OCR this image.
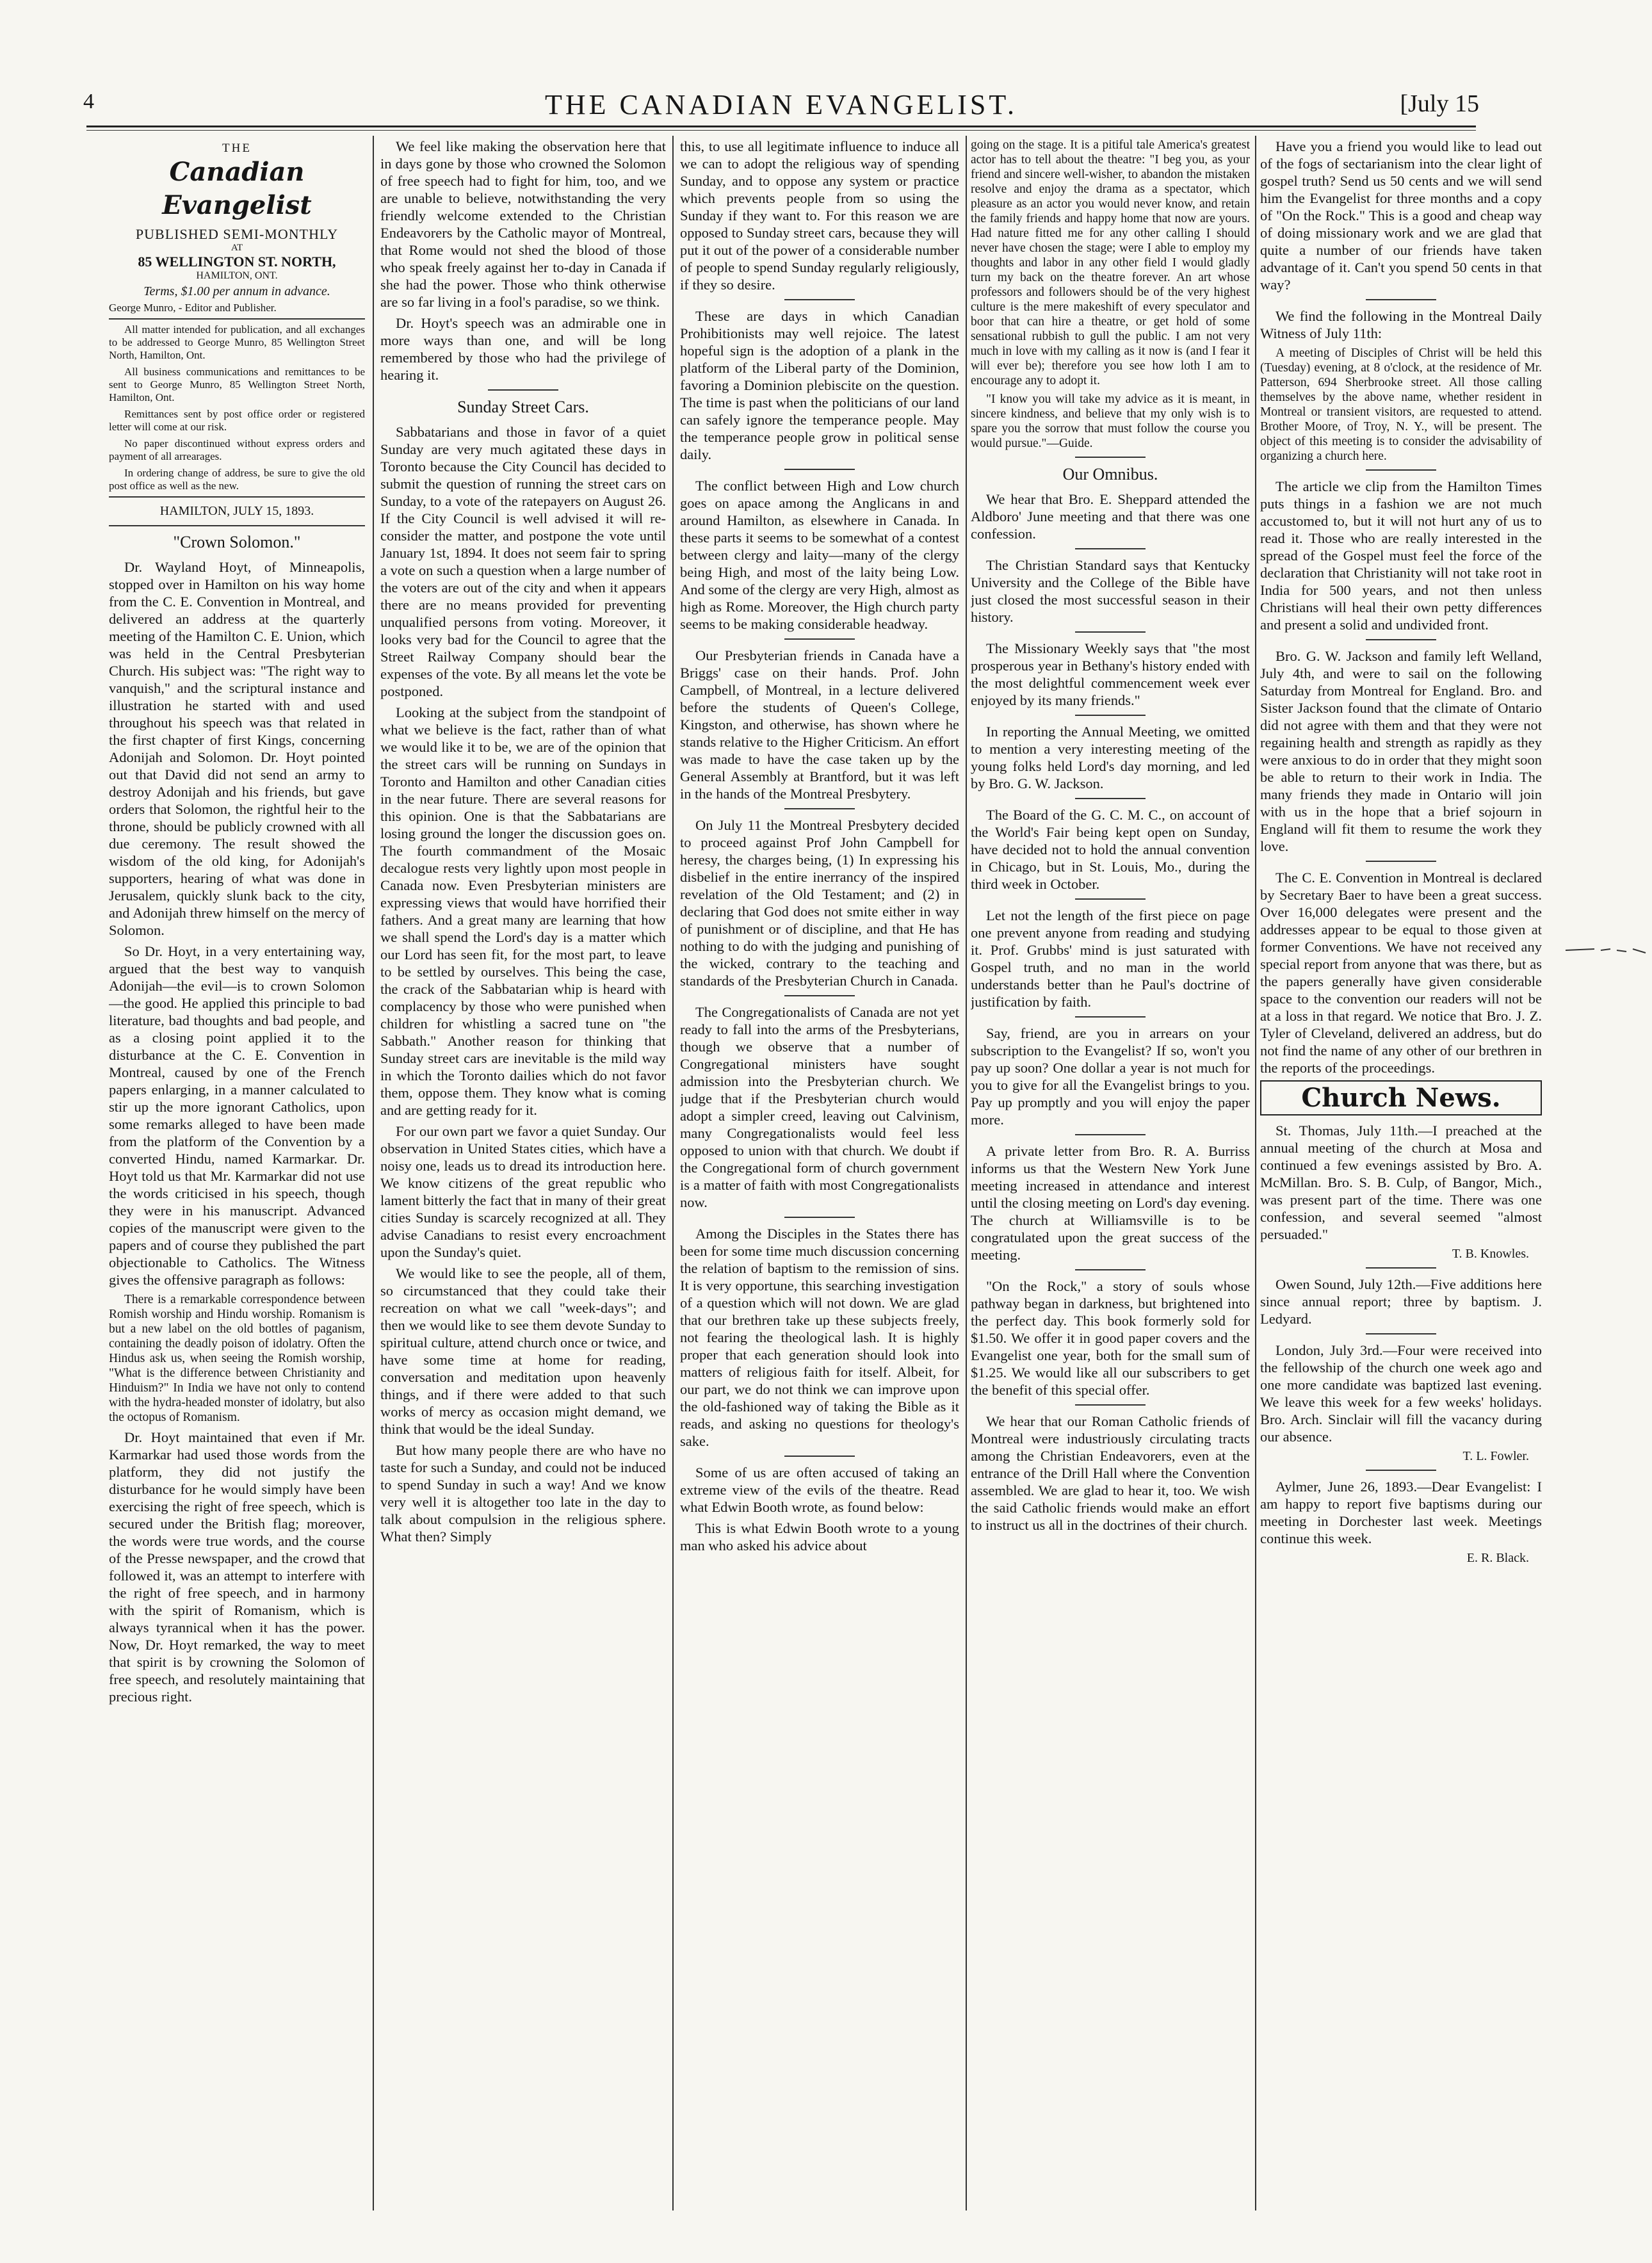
4	THE CANADIAN EVANGELIST.	[July 15
THE
Canadian Evangelist
PUBLISHED SEMI-MONTHLY
AT
85 WELLINGTON ST. NORTH,
HAMILTON, ONT.
Terms, $1.00 per annum in advance.
George Munro, - Editor and Publisher.

All matter intended for publication, and all exchanges to be addressed to George Munro, 85 Wellington Street North, Hamilton, Ont.

All business communications and remittances to be sent to George Munro, 85 Wellington Street North, Hamilton, Ont.

Remittances sent by post office order or registered letter will come at our risk.

No paper discontinued without express orders and payment of all arrearages.

In ordering change of address, be sure to give the old post office as well as the new.

HAMILTON, JULY 15, 1893.
"Crown Solomon."

Dr. Wayland Hoyt, of Minneapolis, stopped over in Hamilton on his way home from the C. E. Convention in Montreal, and delivered an address at the quarterly meeting of the Hamilton C. E. Union, which was held in the Central Presbyterian Church. His subject was: "The right way to vanquish," and the scriptural instance and illustration he started with and used throughout his speech was that related in the first chapter of first Kings, concerning Adonijah and Solomon. Dr. Hoyt pointed out that David did not send an army to destroy Adonijah and his friends, but gave orders that Solomon, the rightful heir to the throne, should be publicly crowned with all due ceremony. The result showed the wisdom of the old king, for Adonijah's supporters, hearing of what was done in Jerusalem, quickly slunk back to the city, and Adonijah threw himself on the mercy of Solomon.

So Dr. Hoyt, in a very entertaining way, argued that the best way to vanquish Adonijah—the evil—is to crown Solomon—the good. He applied this principle to bad literature, bad thoughts and bad people, and as a closing point applied it to the disturbance at the C. E. Convention in Montreal, caused by one of the French papers enlarging, in a manner calculated to stir up the more ignorant Catholics, upon some remarks alleged to have been made from the platform of the Convention by a converted Hindu, named Karmarkar. Dr. Hoyt told us that Mr. Karmarkar did not use the words criticised in his speech, though they were in his manuscript. Advanced copies of the manuscript were given to the papers and of course they published the part objectionable to Catholics. The Witness gives the offensive paragraph as follows:

There is a remarkable correspondence between Romish worship and Hindu worship. Romanism is but a new label on the old bottles of paganism, containing the deadly poison of idolatry. Often the Hindus ask us, when seeing the Romish worship, "What is the difference between Christianity and Hinduism?" In India we have not only to contend with the hydra-headed monster of idolatry, but also the octopus of Romanism.

Dr. Hoyt maintained that even if Mr. Karmarkar had used those words from the platform, they did not justify the disturbance for he would simply have been exercising the right of free speech, which is secured under the British flag; moreover, the words were true words, and the course of the Presse newspaper, and the crowd that followed it, was an attempt to interfere with the right of free speech, and in harmony with the spirit of Romanism, which is always tyrannical when it has the power. Now, Dr. Hoyt remarked, the way to meet that spirit is by crowning the Solomon of free speech, and resolutely maintaining that precious right.

We feel like making the observation here that in days gone by those who crowned the Solomon of free speech had to fight for him, too, and we are unable to believe, notwithstanding the very friendly welcome extended to the Christian Endeavorers by the Catholic mayor of Montreal, that Rome would not shed the blood of those who speak freely against her to-day in Canada if she had the power. Those who think otherwise are so far living in a fool's paradise, so we think.

Dr. Hoyt's speech was an admirable one in more ways than one, and will be long remembered by those who had the privilege of hearing it.

Sunday Street Cars.

Sabbatarians and those in favor of a quiet Sunday are very much agitated these days in Toronto because the City Council has decided to submit the question of running the street cars on Sunday, to a vote of the ratepayers on August 26. If the City Council is well advised it will re-consider the matter, and postpone the vote until January 1st, 1894. It does not seem fair to spring a vote on such a question when a large number of the voters are out of the city and when it appears there are no means provided for preventing unqualified persons from voting. Moreover, it looks very bad for the Council to agree that the Street Railway Company should bear the expenses of the vote. By all means let the vote be postponed.

Looking at the subject from the standpoint of what we believe is the fact, rather than of what we would like it to be, we are of the opinion that the street cars will be running on Sundays in Toronto and Hamilton and other Canadian cities in the near future. There are several reasons for this opinion. One is that the Sabbatarians are losing ground the longer the discussion goes on. The fourth commandment of the Mosaic decalogue rests very lightly upon most people in Canada now. Even Presbyterian ministers are expressing views that would have horrified their fathers. And a great many are learning that how we shall spend the Lord's day is a matter which our Lord has seen fit, for the most part, to leave to be settled by ourselves. This being the case, the crack of the Sabbatarian whip is heard with complacency by those who were punished when children for whistling a sacred tune on "the Sabbath." Another reason for thinking that Sunday street cars are inevitable is the mild way in which the Toronto dailies which do not favor them, oppose them. They know what is coming and are getting ready for it.

For our own part we favor a quiet Sunday. Our observation in United States cities, which have a noisy one, leads us to dread its introduction here. We know citizens of the great republic who lament bitterly the fact that in many of their great cities Sunday is scarcely recognized at all. They advise Canadians to resist every encroachment upon the Sunday's quiet.

We would like to see the people, all of them, so circumstanced that they could take their recreation on what we call "week-days"; and then we would like to see them devote Sunday to spiritual culture, attend church once or twice, and have some time at home for reading, conversation and meditation upon heavenly things, and if there were added to that such works of mercy as occasion might demand, we think that would be the ideal Sunday.

But how many people there are who have no taste for such a Sunday, and could not be induced to spend Sunday in such a way! And we know very well it is altogether too late in the day to talk about compulsion in the religious sphere. What then? Simply

this, to use all legitimate influence to induce all we can to adopt the religious way of spending Sunday, and to oppose any system or practice which prevents people from so using the Sunday if they want to. For this reason we are opposed to Sunday street cars, because they will put it out of the power of a considerable number of people to spend Sunday regularly religiously, if they so desire.

These are days in which Canadian Prohibitionists may well rejoice. The latest hopeful sign is the adoption of a plank in the platform of the Liberal party of the Dominion, favoring a Dominion plebiscite on the question. The time is past when the politicians of our land can safely ignore the temperance people. May the temperance people grow in political sense daily.

The conflict between High and Low church goes on apace among the Anglicans in and around Hamilton, as elsewhere in Canada. In these parts it seems to be somewhat of a contest between clergy and laity—many of the clergy being High, and most of the laity being Low. And some of the clergy are very High, almost as high as Rome. Moreover, the High church party seems to be making considerable headway.

Our Presbyterian friends in Canada have a Briggs' case on their hands. Prof. John Campbell, of Montreal, in a lecture delivered before the students of Queen's College, Kingston, and otherwise, has shown where he stands relative to the Higher Criticism. An effort was made to have the case taken up by the General Assembly at Brantford, but it was left in the hands of the Montreal Presbytery.

On July 11 the Montreal Presbytery decided to proceed against Prof John Campbell for heresy, the charges being, (1) In expressing his disbelief in the entire inerrancy of the inspired revelation of the Old Testament; and (2) in declaring that God does not smite either in way of punishment or of discipline, and that He has nothing to do with the judging and punishing of the wicked, contrary to the teaching and standards of the Presbyterian Church in Canada.

The Congregationalists of Canada are not yet ready to fall into the arms of the Presbyterians, though we observe that a number of Congregational ministers have sought admission into the Presbyterian church. We judge that if the Presbyterian church would adopt a simpler creed, leaving out Calvinism, many Congregationalists would feel less opposed to union with that church. We doubt if the Congregational form of church government is a matter of faith with most Congregationalists now.

Among the Disciples in the States there has been for some time much discussion concerning the relation of baptism to the remission of sins. It is very opportune, this searching investigation of a question which will not down. We are glad that our brethren take up these subjects freely, not fearing the theological lash. It is highly proper that each generation should look into matters of religious faith for itself. Albeit, for our part, we do not think we can improve upon the old-fashioned way of taking the Bible as it reads, and asking no questions for theology's sake.

Some of us are often accused of taking an extreme view of the evils of the theatre. Read what Edwin Booth wrote, as found below:

This is what Edwin Booth wrote to a young man who asked his advice about

going on the stage. It is a pitiful tale America's greatest actor has to tell about the theatre: "I beg you, as your friend and sincere well-wisher, to abandon the mistaken resolve and enjoy the drama as a spectator, which pleasure as an actor you would never know, and retain the family friends and happy home that now are yours. Had nature fitted me for any other calling I should never have chosen the stage; were I able to employ my thoughts and labor in any other field I would gladly turn my back on the theatre forever. An art whose professors and followers should be of the very highest culture is the mere makeshift of every speculator and boor that can hire a theatre, or get hold of some sensational rubbish to gull the public. I am not very much in love with my calling as it now is (and I fear it will ever be); therefore you see how loth I am to encourage any to adopt it.

"I know you will take my advice as it is meant, in sincere kindness, and believe that my only wish is to spare you the sorrow that must follow the course you would pursue."—Guide.

Our Omnibus.

We hear that Bro. E. Sheppard attended the Aldboro' June meeting and that there was one confession.

The Christian Standard says that Kentucky University and the College of the Bible have just closed the most successful season in their history.

The Missionary Weekly says that "the most prosperous year in Bethany's history ended with the most delightful commencement week ever enjoyed by its many friends."

In reporting the Annual Meeting, we omitted to mention a very interesting meeting of the young folks held Lord's day morning, and led by Bro. G. W. Jackson.

The Board of the G. C. M. C., on account of the World's Fair being kept open on Sunday, have decided not to hold the annual convention in Chicago, but in St. Louis, Mo., during the third week in October.

Let not the length of the first piece on page one prevent anyone from reading and studying it. Prof. Grubbs' mind is just saturated with Gospel truth, and no man in the world understands better than he Paul's doctrine of justification by faith.

Say, friend, are you in arrears on your subscription to the Evangelist? If so, won't you pay up soon? One dollar a year is not much for you to give for all the Evangelist brings to you. Pay up promptly and you will enjoy the paper more.

A private letter from Bro. R. A. Burriss informs us that the Western New York June meeting increased in attendance and interest until the closing meeting on Lord's day evening. The church at Williamsville is to be congratulated upon the great success of the meeting.

"On the Rock," a story of souls whose pathway began in darkness, but brightened into the perfect day. This book formerly sold for $1.50. We offer it in good paper covers and the Evangelist one year, both for the small sum of $1.25. We would like all our subscribers to get the benefit of this special offer.

We hear that our Roman Catholic friends of Montreal were industriously circulating tracts among the Christian Endeavorers, even at the entrance of the Drill Hall where the Convention assembled. We are glad to hear it, too. We wish the said Catholic friends would make an effort to instruct us all in the doctrines of their church.

Have you a friend you would like to lead out of the fogs of sectarianism into the clear light of gospel truth? Send us 50 cents and we will send him the Evangelist for three months and a copy of "On the Rock." This is a good and cheap way of doing missionary work and we are glad that quite a number of our friends have taken advantage of it. Can't you spend 50 cents in that way?

We find the following in the Montreal Daily Witness of July 11th:

A meeting of Disciples of Christ will be held this (Tuesday) evening, at 8 o'clock, at the residence of Mr. Patterson, 694 Sherbrooke street. All those calling themselves by the above name, whether resident in Montreal or transient visitors, are requested to attend. Brother Moore, of Troy, N. Y., will be present. The object of this meeting is to consider the advisability of organizing a church here.

The article we clip from the Hamilton Times puts things in a fashion we are not much accustomed to, but it will not hurt any of us to read it. Those who are really interested in the spread of the Gospel must feel the force of the declaration that Christianity will not take root in India for 500 years, and not then unless Christians will heal their own petty differences and present a solid and undivided front.

Bro. G. W. Jackson and family left Welland, July 4th, and were to sail on the following Saturday from Montreal for England. Bro. and Sister Jackson found that the climate of Ontario did not agree with them and that they were not regaining health and strength as rapidly as they were anxious to do in order that they might soon be able to return to their work in India. The many friends they made in Ontario will join with us in the hope that a brief sojourn in England will fit them to resume the work they love.

The C. E. Convention in Montreal is declared by Secretary Baer to have been a great success. Over 16,000 delegates were present and the addresses appear to be equal to those given at former Conventions. We have not received any special report from anyone that was there, but as the papers generally have given considerable space to the convention our readers will not be at a loss in that regard. We notice that Bro. J. Z. Tyler of Cleveland, delivered an address, but do not find the name of any other of our brethren in the reports of the proceedings.

Church News.

St. Thomas, July 11th.—I preached at the annual meeting of the church at Mosa and continued a few evenings assisted by Bro. A. McMillan. Bro. S. B. Culp, of Bangor, Mich., was present part of the time. There was one confession, and several seemed "almost persuaded."

T. B. Knowles.

Owen Sound, July 12th.—Five additions here since annual report; three by baptism. J. Ledyard.

London, July 3rd.—Four were received into the fellowship of the church one week ago and one more candidate was baptized last evening. We leave this week for a few weeks' holidays. Bro. Arch. Sinclair will fill the vacancy during our absence.

T. L. Fowler.

Aylmer, June 26, 1893.—Dear Evangelist: I am happy to report five baptisms during our meeting in Dorchester last week. Meetings continue this week.

E. R. Black.
